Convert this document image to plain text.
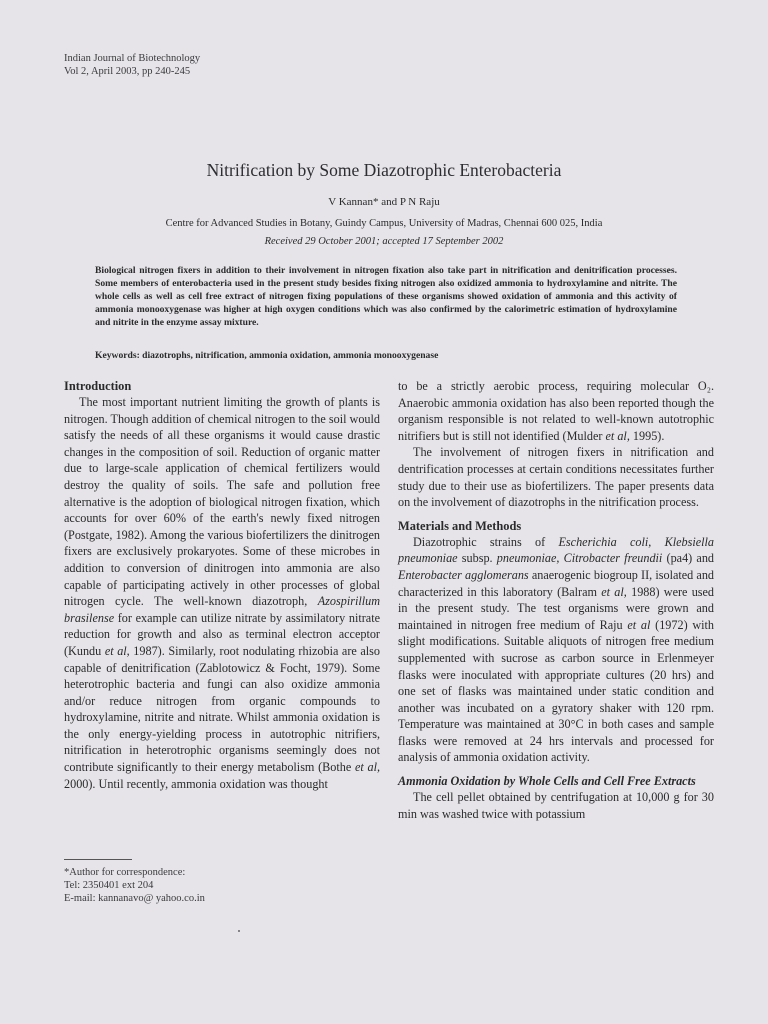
Indian Journal of Biotechnology
Vol 2, April 2003, pp 240-245
Nitrification by Some Diazotrophic Enterobacteria
V Kannan* and P N Raju
Centre for Advanced Studies in Botany, Guindy Campus, University of Madras, Chennai 600 025, India
Received 29 October 2001; accepted 17 September 2002

Biological nitrogen fixers in addition to their involvement in nitrogen fixation also take part in nitrification and denitrification processes. Some members of enterobacteria used in the present study besides fixing nitrogen also oxidized ammonia to hydroxylamine and nitrite. The whole cells as well as cell free extract of nitrogen fixing populations of these organisms showed oxidation of ammonia and this activity of ammonia monooxygenase was higher at high oxygen conditions which was also confirmed by the calorimetric estimation of hydroxylamine and nitrite in the enzyme assay mixture.

Keywords: diazotrophs, nitrification, ammonia oxidation, ammonia monooxygenase
Introduction

The most important nutrient limiting the growth of plants is nitrogen. Though addition of chemical nitrogen to the soil would satisfy the needs of all these organisms it would cause drastic changes in the composition of soil. Reduction of organic matter due to large-scale application of chemical fertilizers would destroy the quality of soils. The safe and pollution free alternative is the adoption of biological nitrogen fixation, which accounts for over 60% of the earth's newly fixed nitrogen (Postgate, 1982). Among the various biofertilizers the dinitrogen fixers are exclusively prokaryotes. Some of these microbes in addition to conversion of dinitrogen into ammonia are also capable of participating actively in other processes of global nitrogen cycle. The well-known diazotroph, Azospirillum brasilense for example can utilize nitrate by assimilatory nitrate reduction for growth and also as terminal electron acceptor (Kundu et al, 1987). Similarly, root nodulating rhizobia are also capable of denitrification (Zablotowicz & Focht, 1979). Some heterotrophic bacteria and fungi can also oxidize ammonia and/or reduce nitrogen from organic compounds to hydroxylamine, nitrite and nitrate. Whilst ammonia oxidation is the only energy-yielding process in autotrophic nitrifiers, nitrification in heterotrophic organisms seemingly does not contribute significantly to their energy metabolism (Bothe et al, 2000). Until recently, ammonia oxidation was thought

to be a strictly aerobic process, requiring molecular O₂. Anaerobic ammonia oxidation has also been reported though the organism responsible is not related to well-known autotrophic nitrifiers but is still not identified (Mulder et al, 1995).

The involvement of nitrogen fixers in nitrification and dentrification processes at certain conditions necessitates further study due to their use as biofertilizers. The paper presents data on the involvement of diazotrophs in the nitrification process.

Materials and Methods

Diazotrophic strains of Escherichia coli, Klebsiella pneumoniae subsp. pneumoniae, Citrobacter freundii (pa4) and Enterobacter agglomerans anaerogenic biogroup II, isolated and characterized in this laboratory (Balram et al, 1988) were used in the present study. The test organisms were grown and maintained in nitrogen free medium of Raju et al (1972) with slight modifications. Suitable aliquots of nitrogen free medium supplemented with sucrose as carbon source in Erlenmeyer flasks were inoculated with appropriate cultures (20 hrs) and one set of flasks was maintained under static condition and another was incubated on a gyratory shaker with 120 rpm. Temperature was maintained at 30°C in both cases and sample flasks were removed at 24 hrs intervals and processed for analysis of ammonia oxidation activity.

Ammonia Oxidation by Whole Cells and Cell Free Extracts

The cell pellet obtained by centrifugation at 10,000 g for 30 min was washed twice with potassium

*Author for correspondence:
Tel: 2350401 ext 204
E-mail: kannanavo@ yahoo.co.in
